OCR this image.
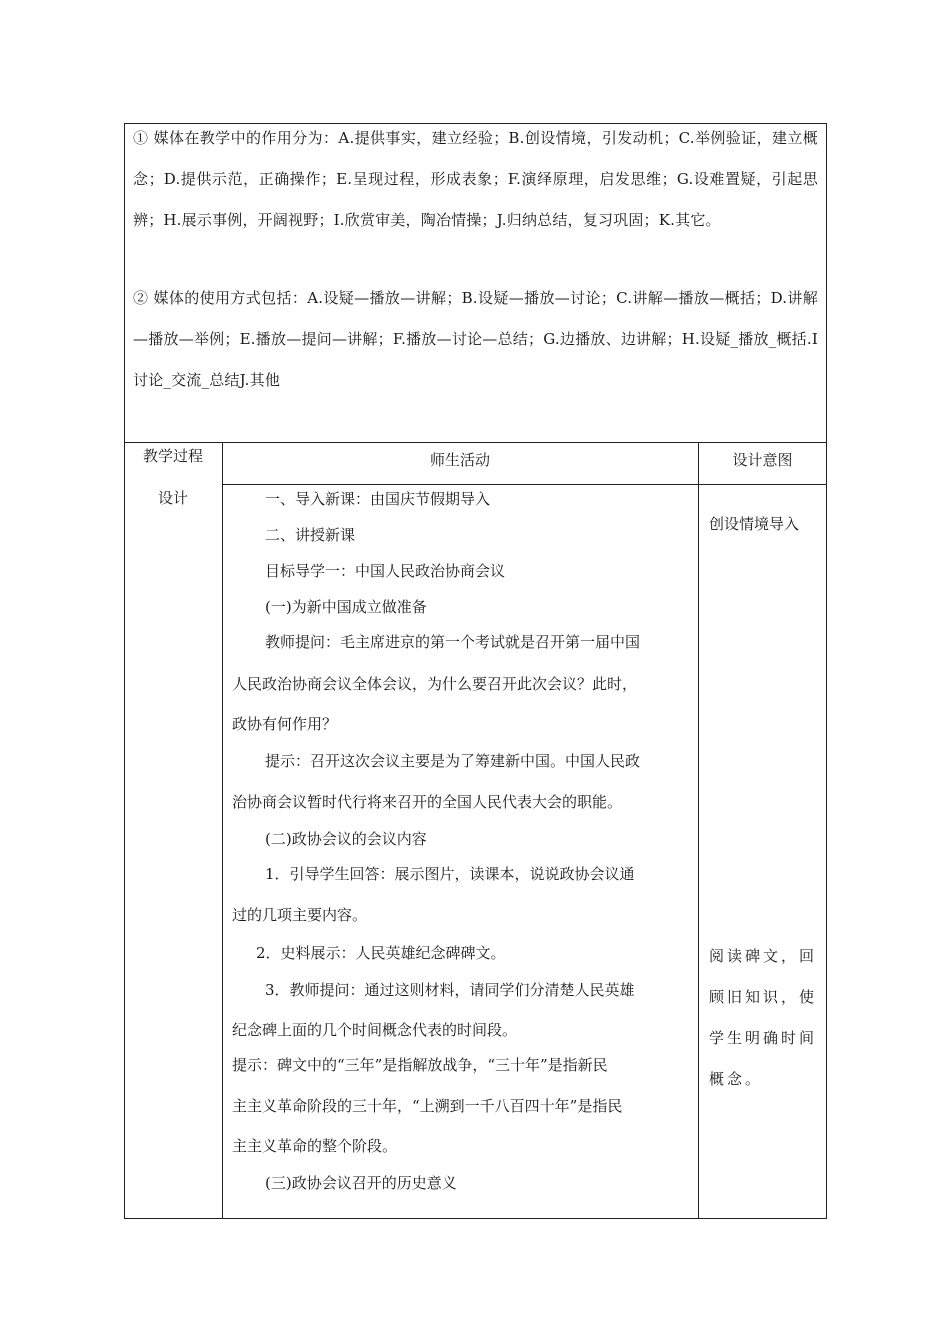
① 媒体在教学中的作用分为：A.提供事实，建立经验；B.创设情境，引发动机；C.举例验证，建立概念；D.提供示范，正确操作；E.呈现过程，形成表象；F.演绎原理，启发思维；G.设难置疑，引起思辨；H.展示事例，开阔视野；I.欣赏审美，陶冶情操；J.归纳总结，复习巩固；K.其它。
② 媒体的使用方式包括：A.设疑—播放—讲解；B.设疑—播放—讨论；C.讲解—播放—概括；D.讲解—播放—举例；E.播放—提问—讲解；F.播放—讨论—总结；G.边播放、边讲解；H.设疑_播放_概括.I讨论_交流_总结J.其他
教学过程
设计
师生活动	设计意图
一、导入新课：由国庆节假期导入
二、讲授新课
目标导学一：中国人民政治协商会议
(一)为新中国成立做准备
教师提问：毛主席进京的第一个考试就是召开第一届中国
人民政治协商会议全体会议，为什么要召开此次会议？此时，
政协有何作用？
提示：召开这次会议主要是为了筹建新中国。中国人民政
治协商会议暂时代行将来召开的全国人民代表大会的职能。
(二)政协会议的会议内容
1．引导学生回答：展示图片，读课本，说说政协会议通
过的几项主要内容。
2．史料展示：人民英雄纪念碑碑文。
3．教师提问：通过这则材料，请同学们分清楚人民英雄
纪念碑上面的几个时间概念代表的时间段。
提示：碑文中的“三年”是指解放战争，“三十年”是指新民
主主义革命阶段的三十年，“上溯到一千八百四十年”是指民
主主义革命的整个阶段。
(三)政协会议召开的历史意义
创设情境导入
阅读碑文，回顾旧知识，使学生明确时间概念。
